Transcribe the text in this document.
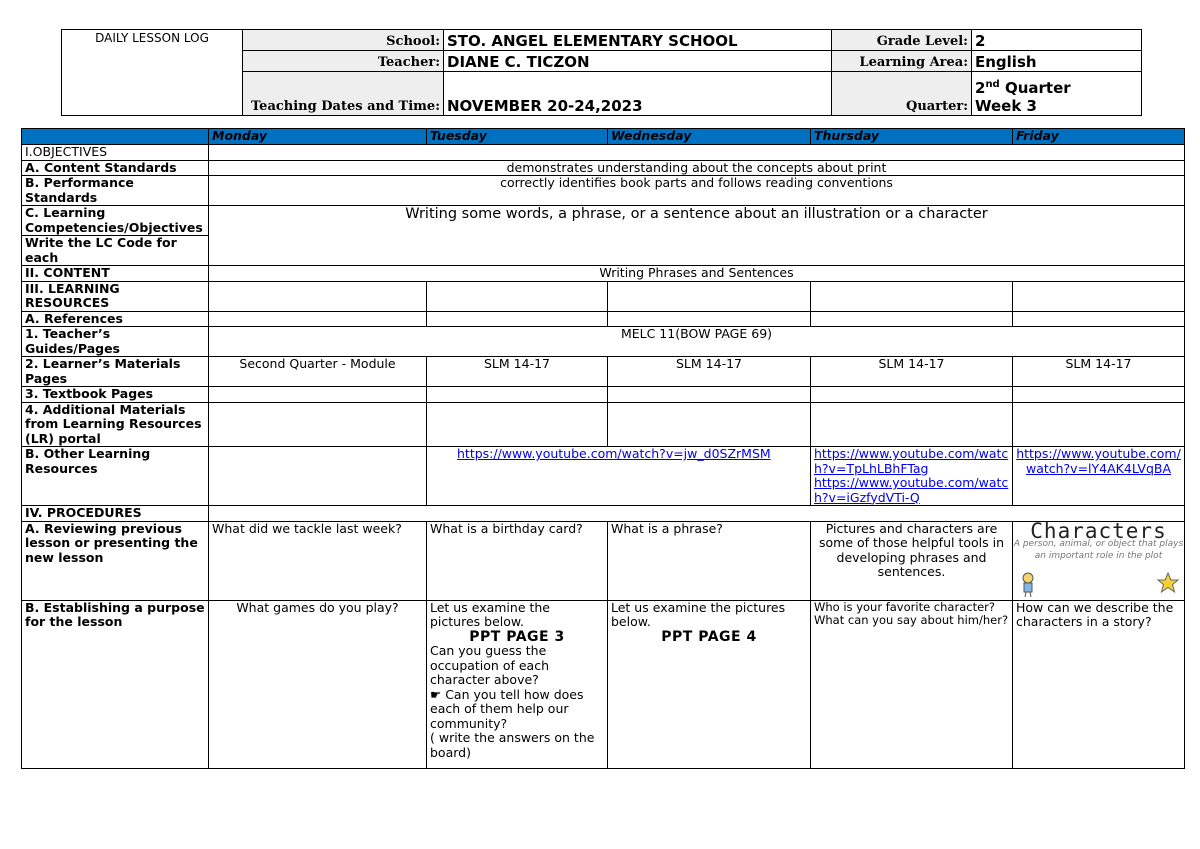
DAILY LESSON LOG	School:	STO. ANGEL ELEMENTARY SCHOOL	Grade Level:	2
	Teacher:	DIANE C. TICZON	Learning Area:	English
	Teaching Dates and Time:	NOVEMBER 20-24,2023	Quarter:	2nd Quarter
Week 3
	Monday	Tuesday	Wednesday	Thursday	Friday
I.OBJECTIVES					
A. Content Standards	demonstrates understanding about the concepts about print				
B. Performance Standards	correctly identifies book parts and follows reading conventions				
C. Learning Competencies/Objectives	Writing some words, a phrase, or a sentence about an illustration or a character				
Write the LC Code for each					
II. CONTENT	Writing Phrases and Sentences				
III. LEARNING RESOURCES					
A. References					
1. Teacher’s Guides/Pages	MELC 11(BOW PAGE 69)				
2. Learner’s Materials Pages	Second Quarter - Module	SLM 14-17	SLM 14-17	SLM 14-17	SLM 14-17
3. Textbook Pages					
4. Additional Materials from Learning Resources (LR) portal					
B. Other Learning Resources		https://www.youtube.com/watch?v=jw_d0SZrMSM		https://www.youtube.com/watch?v=TpLhLBhFTag
https://www.youtube.com/watch?v=iGzfydVTi-Q	https://www.youtube.com/watch?v=lY4AK4LVqBA
IV. PROCEDURES					
A. Reviewing previous lesson or presenting the new lesson	What did we tackle last week?	What is a birthday card?	What is a phrase?	Pictures and characters are some of those helpful tools in developing phrases and sentences.	Characters
A person, animal, or object that plays an important role in the plot

B. Establishing a purpose for the lesson	What games do you play?	Let us examine the pictures below.
PPT PAGE 3
Can you guess the occupation of each character above?
☛ Can you tell how does each of them help our community?
( write the answers on the board)	Let us examine the pictures below.
PPT PAGE 4	Who is your favorite character? What can you say about him/her?	How can we describe the characters in a story?
